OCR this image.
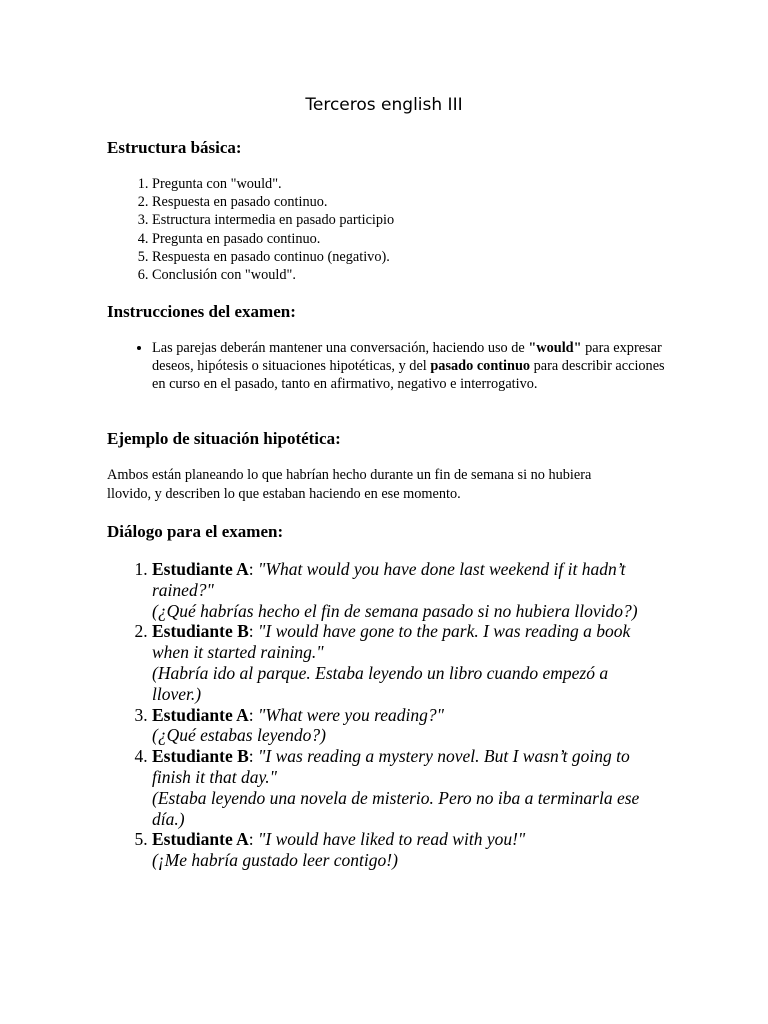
Terceros english III
Estructura básica:
1. Pregunta con "would".
2. Respuesta en pasado continuo.
3. Estructura intermedia en pasado participio
4. Pregunta en pasado continuo.
5. Respuesta en pasado continuo (negativo).
6. Conclusión con "would".
Instrucciones del examen:
• Las parejas deberán mantener una conversación, haciendo uso de "would" para expresar deseos, hipótesis o situaciones hipotéticas, y del pasado continuo para describir acciones en curso en el pasado, tanto en afirmativo, negativo e interrogativo.
Ejemplo de situación hipotética:

Ambos están planeando lo que habrían hecho durante un fin de semana si no hubiera llovido, y describen lo que estaban haciendo en ese momento.

Diálogo para el examen:
1. Estudiante A: "What would you have done last weekend if it hadn’t rained?"
(¿Qué habrías hecho el fin de semana pasado si no hubiera llovido?)
2. Estudiante B: "I would have gone to the park. I was reading a book when it started raining."
(Habría ido al parque. Estaba leyendo un libro cuando empezó a llover.)
3. Estudiante A: "What were you reading?"
(¿Qué estabas leyendo?)
4. Estudiante B: "I was reading a mystery novel. But I wasn’t going to finish it that day."
(Estaba leyendo una novela de misterio. Pero no iba a terminarla ese día.)
5. Estudiante A: "I would have liked to read with you!"
(¡Me habría gustado leer contigo!)
